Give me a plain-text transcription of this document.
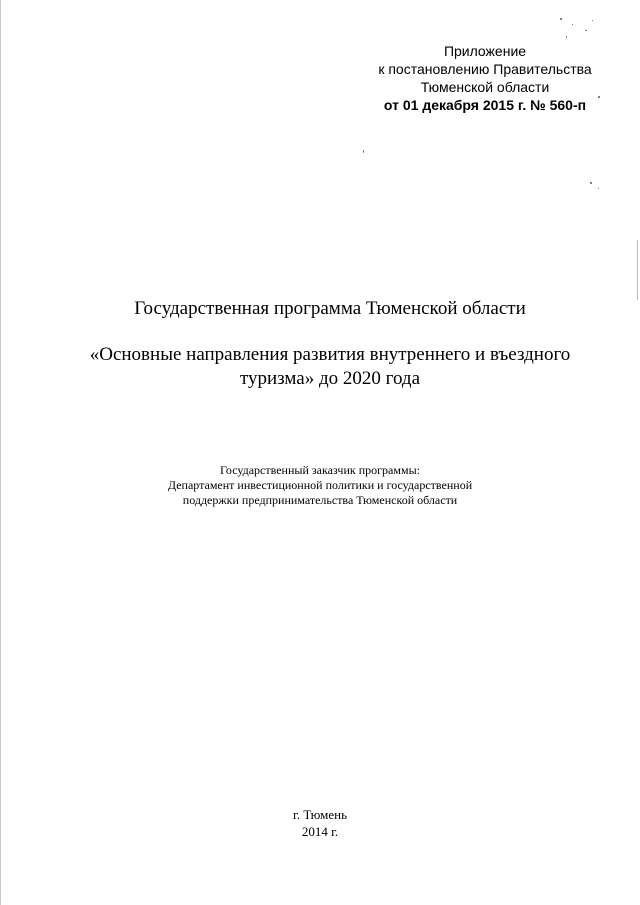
Приложение
к постановлению Правительства
Тюменской области
от 01 декабря 2015 г. № 560-п
Государственная программа Тюменской области
«Основные направления развития внутреннего и въездного
туризма» до 2020 года
Государственный заказчик программы:
Департамент инвестиционной политики и государственной
поддержки предпринимательства Тюменской области
г. Тюмень
2014 г.
